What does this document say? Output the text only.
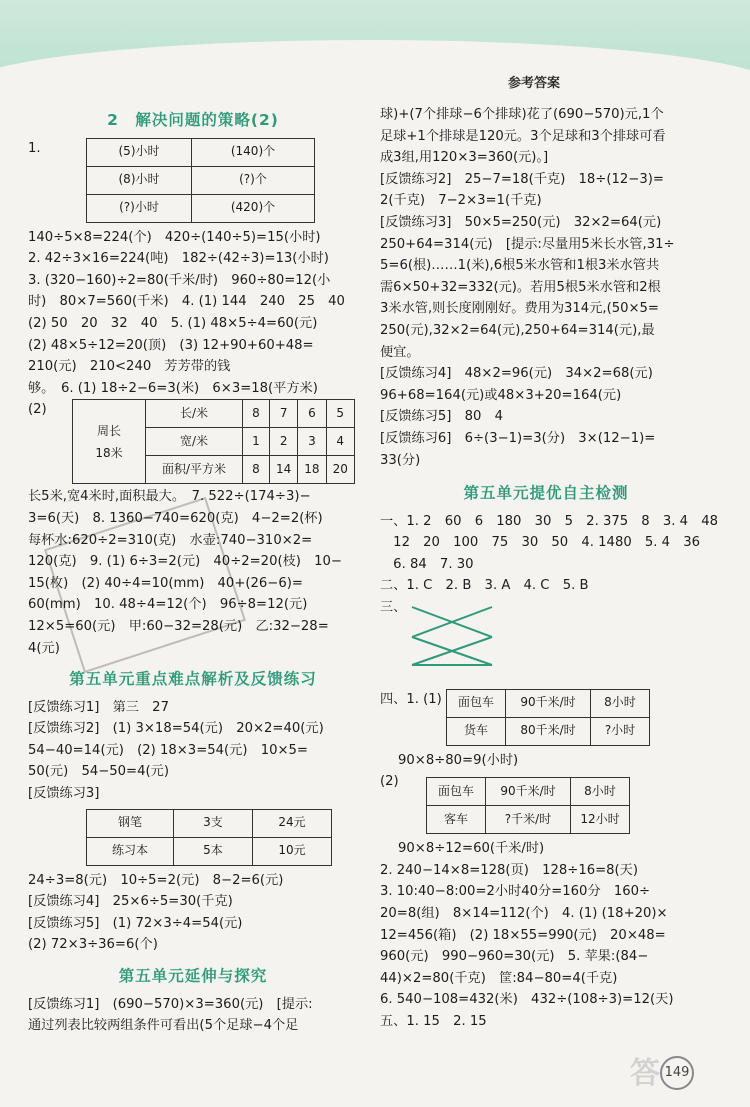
参考答案
2　解决问题的策略(2)
1.	(5)小时	(140)个
(8)小时	(?)个
(?)小时	(420)个
140÷5×8=224(个)　420÷(140÷5)=15(小时)
2. 42÷3×16=224(吨)　182÷(42÷3)=13(小时)
3. (320−160)÷2=80(千米/时)　960÷80=12(小
时)　80×7=560(千米)　4. (1) 144　240　25　40
(2) 50　20　32　40　5. (1) 48×5÷4=60(元)
(2) 48×5÷12=20(顶)　(3) 12+90+60+48=
210(元)　210<240　芳芳带的钱
够。　6. (1) 18÷2−6=3(米)　6×3=18(平方米)
(2)
周长
18米	长/米	8	7	6	5
	宽/米	1	2	3	4
	面积/平方米	8	14	18	20
长5米,宽4米时,面积最大。　7. 522÷(174÷3)−
3=6(天)　8. 1360−740=620(克)　4−2=2(杯)
每杯水:620÷2=310(克)　水壶:740−310×2=
120(克)　9. (1) 6÷3=2(元)　40÷2=20(枝)　10−
15(枚)　(2) 40÷4=10(mm)　40+(26−6)=
60(mm)　10. 48÷4=12(个)　96÷8=12(元)
12×5=60(元)　甲:60−32=28(元)　乙:32−28=
4(元)
第五单元重点难点解析及反馈练习
[反馈练习1]　第三　27
[反馈练习2]　(1) 3×18=54(元)　20×2=40(元)
54−40=14(元)　(2) 18×3=54(元)　10×5=
50(元)　54−50=4(元)
[反馈练习3]
钢笔	3支	24元
练习本	5本	10元
24÷3=8(元)　10÷5=2(元)　8−2=6(元)
[反馈练习4]　25×6÷5=30(千克)
[反馈练习5]　(1) 72×3÷4=54(元)
(2) 72×3÷36=6(个)
第五单元延伸与探究
[反馈练习1]　(690−570)×3=360(元)　[提示:
通过列表比较两组条件可看出(5个足球−4个足
球)+(7个排球−6个排球)花了(690−570)元,1个
足球+1个排球是120元。3个足球和3个排球可看
成3组,用120×3=360(元)。]
[反馈练习2]　25−7=18(千克)　18÷(12−3)=
2(千克)　7−2×3=1(千克)
[反馈练习3]　50×5=250(元)　32×2=64(元)
250+64=314(元)　[提示:尽量用5米长水管,31÷
5=6(根)……1(米),6根5米水管和1根3米水管共
需6×50+32=332(元)。若用5根5米水管和2根
3米水管,则长度刚刚好。费用为314元,(50×5=
250(元),32×2=64(元),250+64=314(元),最
便宜。
[反馈练习4]　48×2=96(元)　34×2=68(元)
96+68=164(元)或48×3+20=164(元)
[反馈练习5]　80　4
[反馈练习6]　6÷(3−1)=3(分)　3×(12−1)=
33(分)
第五单元提优自主检测
一、1. 2　60　6　180　30　5　2. 375　8　3. 4　48
　12　20　100　75　30　50　4. 1480　5. 4　36
　6. 84　7. 30
二、1. C　2. B　3. A　4. C　5. B
三、
四、1. (1)	面包车	90千米/时	8小时
货车	80千米/时	?小时
90×8÷80=9(小时)
(2)
面包车	90千米/时	8小时
客车	?千米/时	12小时
90×8÷12=60(千米/时)
2. 240−14×8=128(页)　128÷16=8(天)
3. 10:40−8:00=2小时40分=160分　160÷
20=8(组)　8×14=112(个)　4. (1) (18+20)×
12=456(箱)　(2) 18×55=990(元)　20×48=
960(元)　990−960=30(元)　5. 苹果:(84−
44)×2=80(千克)　筐:84−80=4(千克)
6. 540−108=432(米)　432÷(108÷3)=12(天)
五、1. 15　2. 15
149
答
